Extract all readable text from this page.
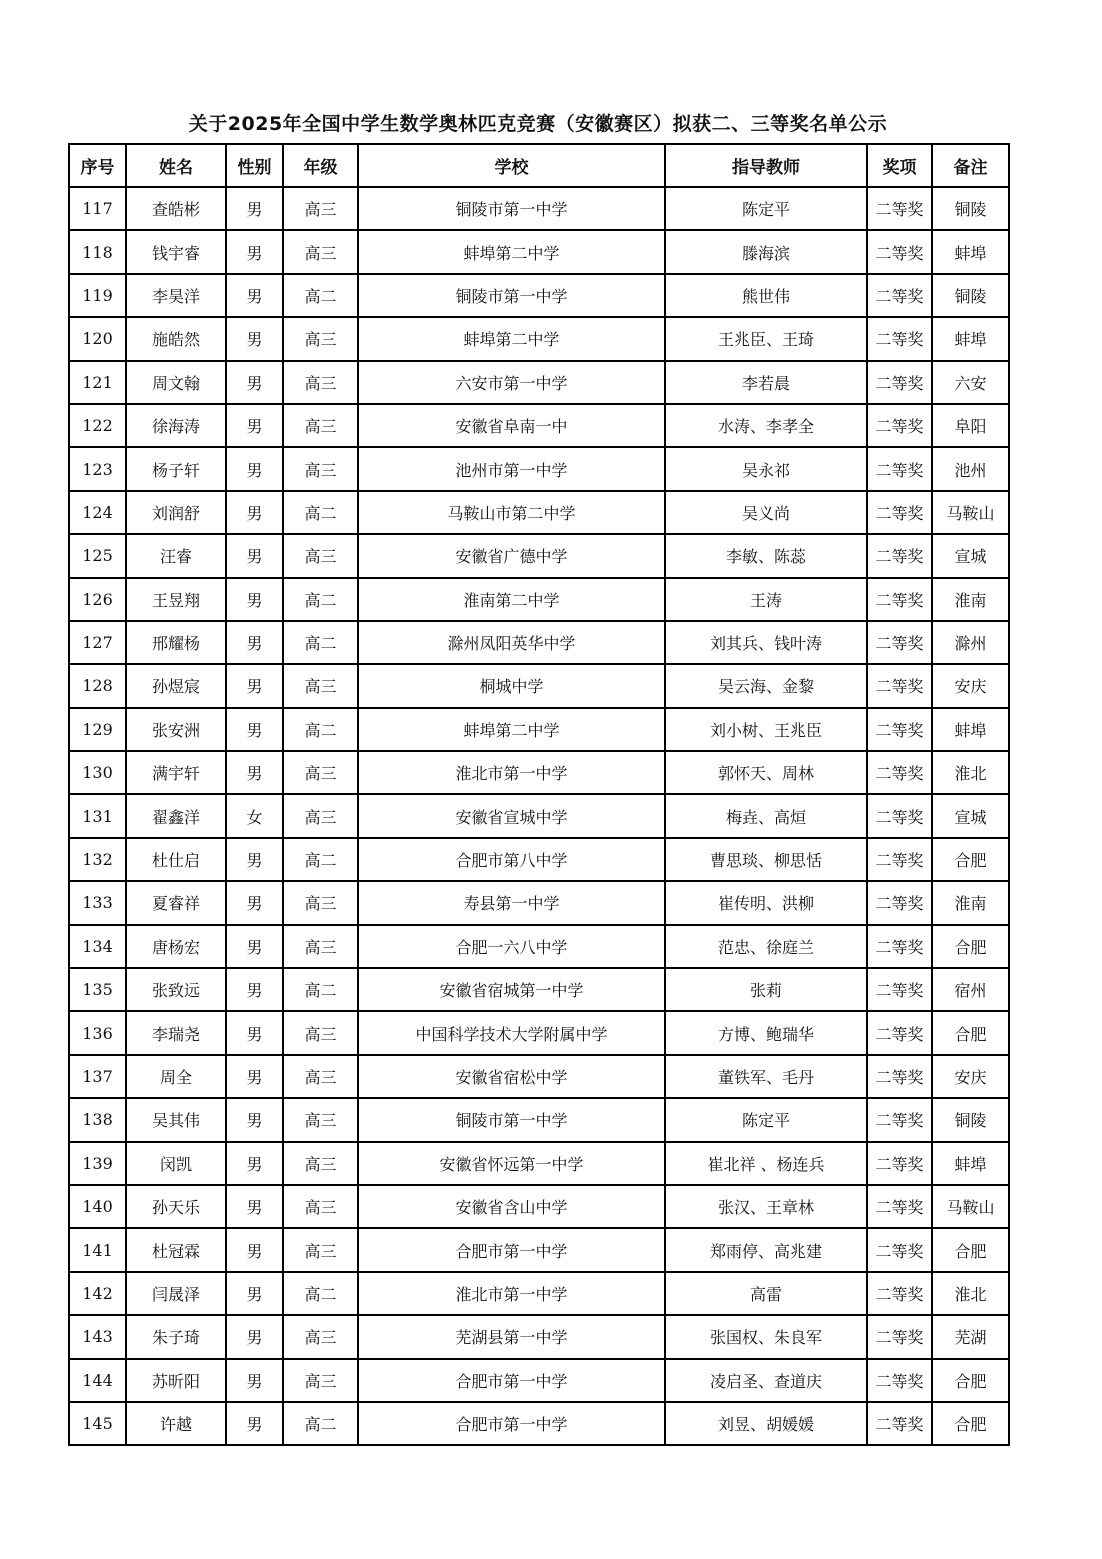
关于2025年全国中学生数学奥林匹克竞赛（安徽赛区）拟获二、三等奖名单公示
序号	姓名	性别	年级	学校	指导教师	奖项	备注
117	查皓彬	男	高三	铜陵市第一中学	陈定平	二等奖	铜陵
118	钱宇睿	男	高三	蚌埠第二中学	滕海滨	二等奖	蚌埠
119	李昊洋	男	高二	铜陵市第一中学	熊世伟	二等奖	铜陵
120	施皓然	男	高三	蚌埠第二中学	王兆臣、王琦	二等奖	蚌埠
121	周文翰	男	高三	六安市第一中学	李若晨	二等奖	六安
122	徐海涛	男	高三	安徽省阜南一中	水涛、李孝全	二等奖	阜阳
123	杨子轩	男	高三	池州市第一中学	吴永祁	二等奖	池州
124	刘润舒	男	高二	马鞍山市第二中学	吴义尚	二等奖	马鞍山
125	汪睿	男	高三	安徽省广德中学	李敏、陈蕊	二等奖	宣城
126	王昱翔	男	高二	淮南第二中学	王涛	二等奖	淮南
127	邢耀杨	男	高二	滁州凤阳英华中学	刘其兵、钱叶涛	二等奖	滁州
128	孙煜宸	男	高三	桐城中学	吴云海、金黎	二等奖	安庆
129	张安洲	男	高二	蚌埠第二中学	刘小树、王兆臣	二等奖	蚌埠
130	满宇轩	男	高三	淮北市第一中学	郭怀天、周林	二等奖	淮北
131	翟鑫洋	女	高三	安徽省宣城中学	梅垚、高烜	二等奖	宣城
132	杜仕启	男	高二	合肥市第八中学	曹思琰、柳思恬	二等奖	合肥
133	夏睿祥	男	高三	寿县第一中学	崔传明、洪柳	二等奖	淮南
134	唐杨宏	男	高三	合肥一六八中学	范忠、徐庭兰	二等奖	合肥
135	张致远	男	高二	安徽省宿城第一中学	张莉	二等奖	宿州
136	李瑞尧	男	高三	中国科学技术大学附属中学	方博、鲍瑞华	二等奖	合肥
137	周全	男	高三	安徽省宿松中学	董铁军、毛丹	二等奖	安庆
138	吴其伟	男	高三	铜陵市第一中学	陈定平	二等奖	铜陵
139	闵凯	男	高三	安徽省怀远第一中学	崔北祥 、杨连兵	二等奖	蚌埠
140	孙天乐	男	高三	安徽省含山中学	张汉、王章林	二等奖	马鞍山
141	杜冠霖	男	高三	合肥市第一中学	郑雨停、高兆建	二等奖	合肥
142	闫晟泽	男	高二	淮北市第一中学	高雷	二等奖	淮北
143	朱子琦	男	高三	芜湖县第一中学	张国权、朱良军	二等奖	芜湖
144	苏昕阳	男	高三	合肥市第一中学	凌启圣、查道庆	二等奖	合肥
145	许越	男	高二	合肥市第一中学	刘昱、胡媛媛	二等奖	合肥
